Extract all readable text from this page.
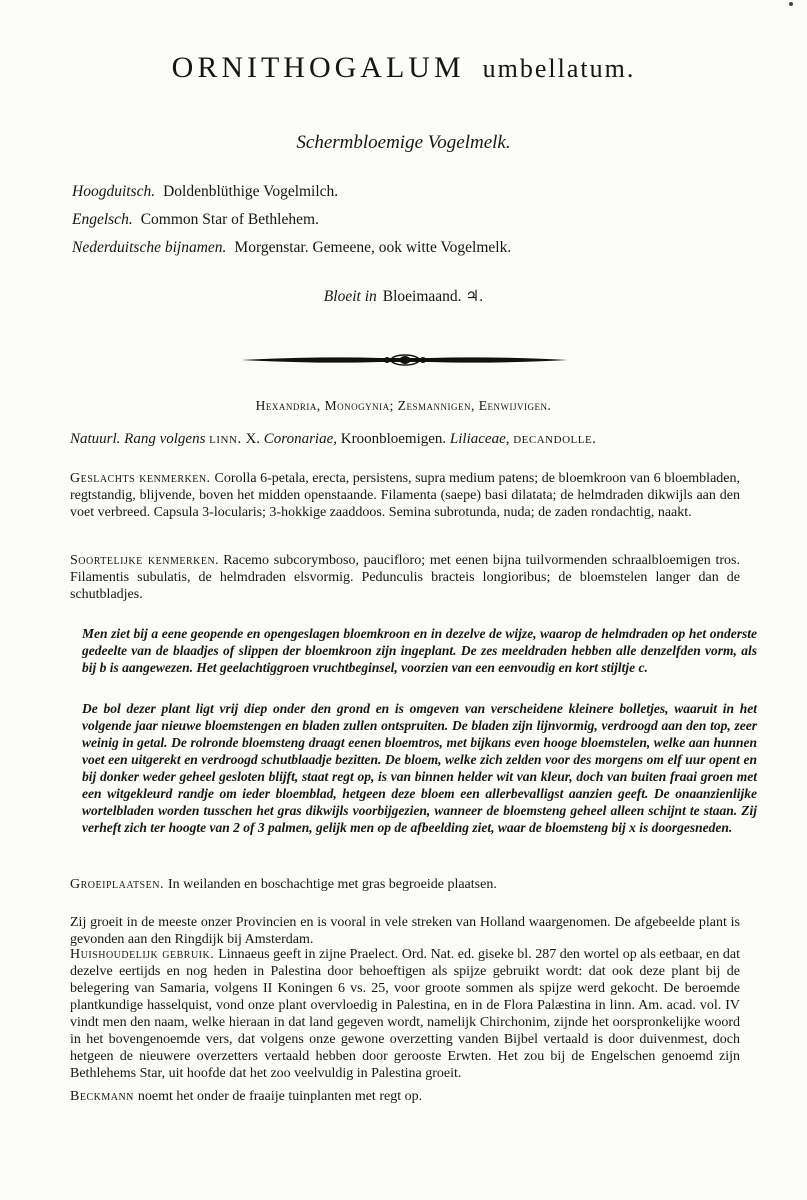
ORNITHOGALUM umbellatum.
Schermbloemige Vogelmelk.
Hoogduitsch. Doldenblüthige Vogelmilch.
Engelsch. Common Star of Bethlehem.
Nederduitsche bijnamen. Morgenstar. Gemeene, ook witte Vogelmelk.
Bloeit in Bloeimaand. ♃.
Hexandria, Monogynia; Zesmannigen, Eenwijvigen.
Natuurl. Rang volgens linn. X. Coronariae, Kroonbloemigen. Liliaceae, decandolle.
Geslachts kenmerken. Corolla 6-petala, erecta, persistens, supra medium patens; de bloemkroon van 6 bloembladen, regtstandig, blijvende, boven het midden openstaande. Filamenta (saepe) basi dilatata; de helmdraden dikwijls aan den voet verbreed. Capsula 3-locularis; 3-hokkige zaaddoos. Semina subrotunda, nuda; de zaden rondachtig, naakt.
Soortelijke kenmerken. Racemo subcorymboso, paucifloro; met eenen bijna tuilvormenden schraalbloemigen tros. Filamentis subulatis, de helmdraden elsvormig. Pedunculis bracteis longioribus; de bloemstelen langer dan de schutbladjes.
Men ziet bij a eene geopende en opengeslagen bloemkroon en in dezelve de wijze, waarop de helmdraden op het onderste gedeelte van de blaadjes of slippen der bloemkroon zijn ingeplant. De zes meeldraden hebben alle denzelfden vorm, als bij b is aangewezen. Het geelachtiggroen vruchtbeginsel, voorzien van een eenvoudig en kort stijltje c.
De bol dezer plant ligt vrij diep onder den grond en is omgeven van verscheidene kleinere bolletjes, waaruit in het volgende jaar nieuwe bloemstengen en bladen zullen ontspruiten. De bladen zijn lijnvormig, verdroogd aan den top, zeer weinig in getal. De rolronde bloemsteng draagt eenen bloemtros, met bijkans even hooge bloemstelen, welke aan hunnen voet een uitgerekt en verdroogd schutblaadje bezitten. De bloem, welke zich zelden voor des morgens om elf uur opent en bij donker weder geheel gesloten blijft, staat regt op, is van binnen helder wit van kleur, doch van buiten fraai groen met een witgekleurd randje om ieder bloemblad, hetgeen deze bloem een allerbevalligst aanzien geeft. De onaanzienlijke wortelbladen worden tusschen het gras dikwijls voorbijgezien, wanneer de bloemsteng geheel alleen schijnt te staan. Zij verheft zich ter hoogte van 2 of 3 palmen, gelijk men op de afbeelding ziet, waar de bloemsteng bij x is doorgesneden.
Groeiplaatsen. In weilanden en boschachtige met gras begroeide plaatsen.
Zij groeit in de meeste onzer Provincien en is vooral in vele streken van Holland waargenomen. De afgebeelde plant is gevonden aan den Ringdijk bij Amsterdam.
Huishoudelijk gebruik. Linnaeus geeft in zijne Praelect. Ord. Nat. ed. giseke bl. 287 den wortel op als eetbaar, en dat dezelve eertijds en nog heden in Palestina door behoeftigen als spijze gebruikt wordt: dat ook deze plant bij de belegering van Samaria, volgens II Koningen 6 vs. 25, voor groote sommen als spijze werd gekocht. De beroemde plantkundige hasselquist, vond onze plant overvloedig in Palestina, en in de Flora Palæstina in linn. Am. acad. vol. IV vindt men den naam, welke hieraan in dat land gegeven wordt, namelijk Chirchonim, zijnde het oorspronkelijke woord in het bovengenoemde vers, dat volgens onze gewone overzetting vanden Bijbel vertaald is door duivenmest, doch hetgeen de nieuwere overzetters vertaald hebben door gerooste Erwten. Het zou bij de Engelschen genoemd zijn Bethlehems Star, uit hoofde dat het zoo veelvuldig in Palestina groeit.
Beckmann noemt het onder de fraaije tuinplanten met regt op.
